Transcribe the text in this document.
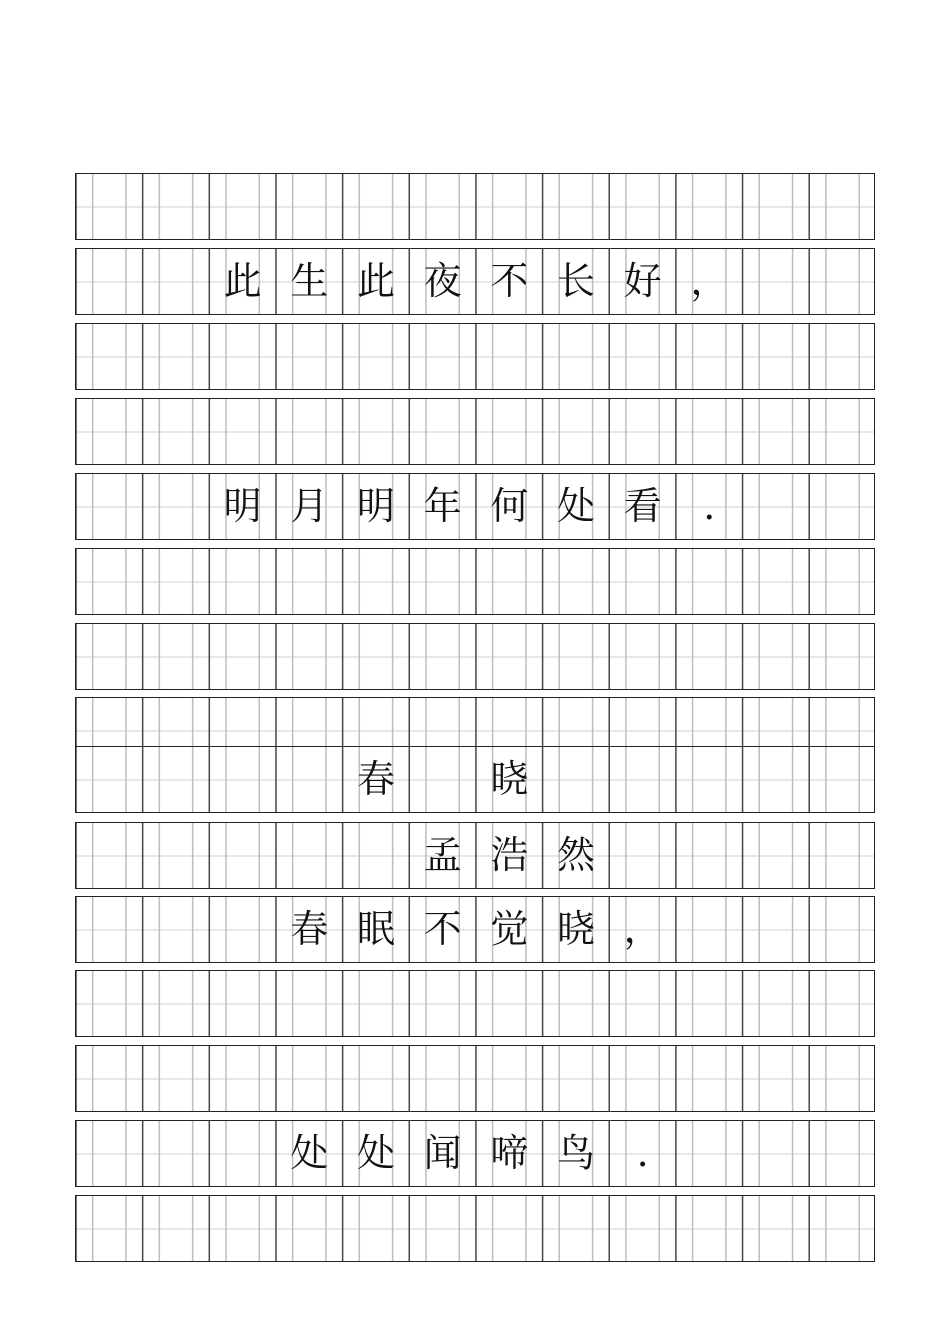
此 生 此 夜 不 长 好 ，
明 月 明 年 何 处 看	.
春	晓
孟 浩 然
春 眠 不 觉 晓 ，
处 处 闻 啼 鸟	.
